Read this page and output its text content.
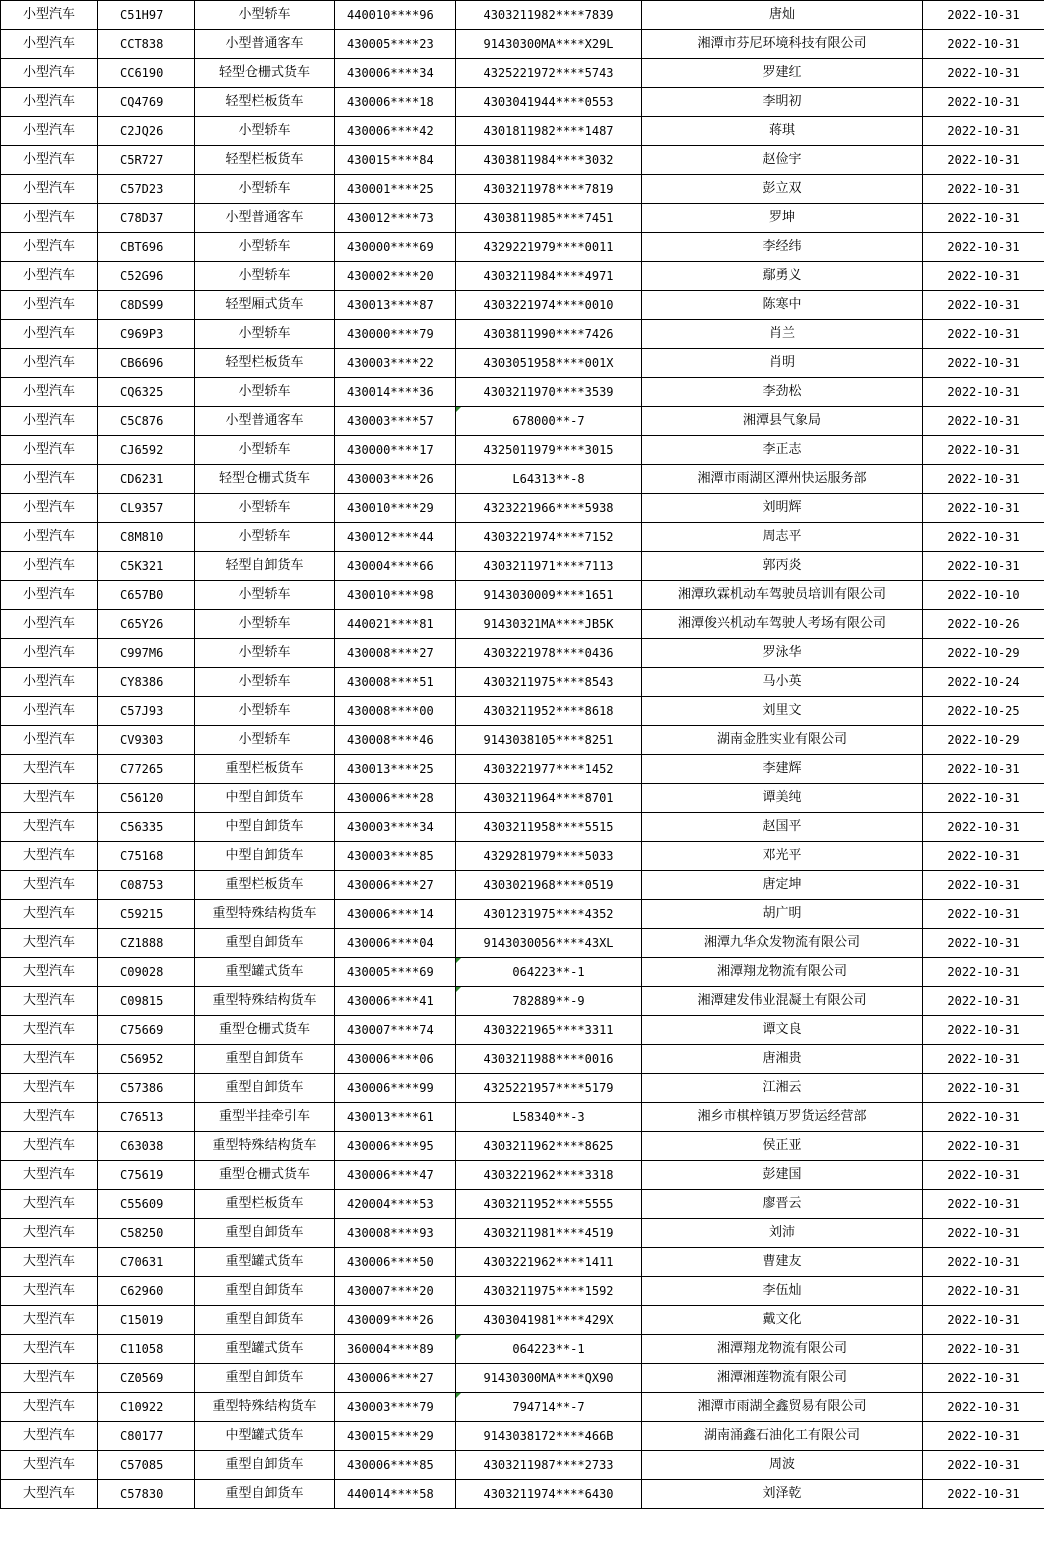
小型汽车	C51H97	小型轿车	440010****96	4303211982****7839	唐灿	2022-10-31
小型汽车	CCT838	小型普通客车	430005****23	91430300MA****X29L	湘潭市芬尼环境科技有限公司	2022-10-31
小型汽车	CC6190	轻型仓栅式货车	430006****34	4325221972****5743	罗建红	2022-10-31
小型汽车	CQ4769	轻型栏板货车	430006****18	4303041944****0553	李明初	2022-10-31
小型汽车	C2JQ26	小型轿车	430006****42	4301811982****1487	蒋琪	2022-10-31
小型汽车	C5R727	轻型栏板货车	430015****84	4303811984****3032	赵俭宇	2022-10-31
小型汽车	C57D23	小型轿车	430001****25	4303211978****7819	彭立双	2022-10-31
小型汽车	C78D37	小型普通客车	430012****73	4303811985****7451	罗坤	2022-10-31
小型汽车	CBT696	小型轿车	430000****69	4329221979****0011	李经纬	2022-10-31
小型汽车	C52G96	小型轿车	430002****20	4303211984****4971	鄢勇义	2022-10-31
小型汽车	C8DS99	轻型厢式货车	430013****87	4303221974****0010	陈寒中	2022-10-31
小型汽车	C969P3	小型轿车	430000****79	4303811990****7426	肖兰	2022-10-31
小型汽车	CB6696	轻型栏板货车	430003****22	4303051958****001X	肖明	2022-10-31
小型汽车	CQ6325	小型轿车	430014****36	4303211970****3539	李劲松	2022-10-31
小型汽车	C5C876	小型普通客车	430003****57	678000**-7	湘潭县气象局	2022-10-31
小型汽车	CJ6592	小型轿车	430000****17	4325011979****3015	李正志	2022-10-31
小型汽车	CD6231	轻型仓栅式货车	430003****26	L64313**-8	湘潭市雨湖区潭州快运服务部	2022-10-31
小型汽车	CL9357	小型轿车	430010****29	4323221966****5938	刘明辉	2022-10-31
小型汽车	C8M810	小型轿车	430012****44	4303221974****7152	周志平	2022-10-31
小型汽车	C5K321	轻型自卸货车	430004****66	4303211971****7113	郭丙炎	2022-10-31
小型汽车	C657B0	小型轿车	430010****98	9143030009****1651	湘潭玖霖机动车驾驶员培训有限公司	2022-10-10
小型汽车	C65Y26	小型轿车	440021****81	91430321MA****JB5K	湘潭俊兴机动车驾驶人考场有限公司	2022-10-26
小型汽车	C997M6	小型轿车	430008****27	4303221978****0436	罗泳华	2022-10-29
小型汽车	CY8386	小型轿车	430008****51	4303211975****8543	马小英	2022-10-24
小型汽车	C57J93	小型轿车	430008****00	4303211952****8618	刘里文	2022-10-25
小型汽车	CV9303	小型轿车	430008****46	9143038105****8251	湖南金胜实业有限公司	2022-10-29
大型汽车	C77265	重型栏板货车	430013****25	4303221977****1452	李建辉	2022-10-31
大型汽车	C56120	中型自卸货车	430006****28	4303211964****8701	谭美纯	2022-10-31
大型汽车	C56335	中型自卸货车	430003****34	4303211958****5515	赵国平	2022-10-31
大型汽车	C75168	中型自卸货车	430003****85	4329281979****5033	邓光平	2022-10-31
大型汽车	C08753	重型栏板货车	430006****27	4303021968****0519	唐定坤	2022-10-31
大型汽车	C59215	重型特殊结构货车	430006****14	4301231975****4352	胡广明	2022-10-31
大型汽车	CZ1888	重型自卸货车	430006****04	9143030056****43XL	湘潭九华众发物流有限公司	2022-10-31
大型汽车	C09028	重型罐式货车	430005****69	064223**-1	湘潭翔龙物流有限公司	2022-10-31
大型汽车	C09815	重型特殊结构货车	430006****41	782889**-9	湘潭建发伟业混凝土有限公司	2022-10-31
大型汽车	C75669	重型仓栅式货车	430007****74	4303221965****3311	谭文良	2022-10-31
大型汽车	C56952	重型自卸货车	430006****06	4303211988****0016	唐湘贵	2022-10-31
大型汽车	C57386	重型自卸货车	430006****99	4325221957****5179	江湘云	2022-10-31
大型汽车	C76513	重型半挂牵引车	430013****61	L58340**-3	湘乡市棋梓镇万罗货运经营部	2022-10-31
大型汽车	C63038	重型特殊结构货车	430006****95	4303211962****8625	侯正亚	2022-10-31
大型汽车	C75619	重型仓栅式货车	430006****47	4303221962****3318	彭建国	2022-10-31
大型汽车	C55609	重型栏板货车	420004****53	4303211952****5555	廖晋云	2022-10-31
大型汽车	C58250	重型自卸货车	430008****93	4303211981****4519	刘沛	2022-10-31
大型汽车	C70631	重型罐式货车	430006****50	4303221962****1411	曹建友	2022-10-31
大型汽车	C62960	重型自卸货车	430007****20	4303211975****1592	李伍灿	2022-10-31
大型汽车	C15019	重型自卸货车	430009****26	4303041981****429X	戴文化	2022-10-31
大型汽车	C11058	重型罐式货车	360004****89	064223**-1	湘潭翔龙物流有限公司	2022-10-31
大型汽车	CZ0569	重型自卸货车	430006****27	91430300MA****QX90	湘潭湘莲物流有限公司	2022-10-31
大型汽车	C10922	重型特殊结构货车	430003****79	794714**-7	湘潭市雨湖全鑫贸易有限公司	2022-10-31
大型汽车	C80177	中型罐式货车	430015****29	9143038172****466B	湖南涌鑫石油化工有限公司	2022-10-31
大型汽车	C57085	重型自卸货车	430006****85	4303211987****2733	周波	2022-10-31
大型汽车	C57830	重型自卸货车	440014****58	4303211974****6430	刘泽乾	2022-10-31
